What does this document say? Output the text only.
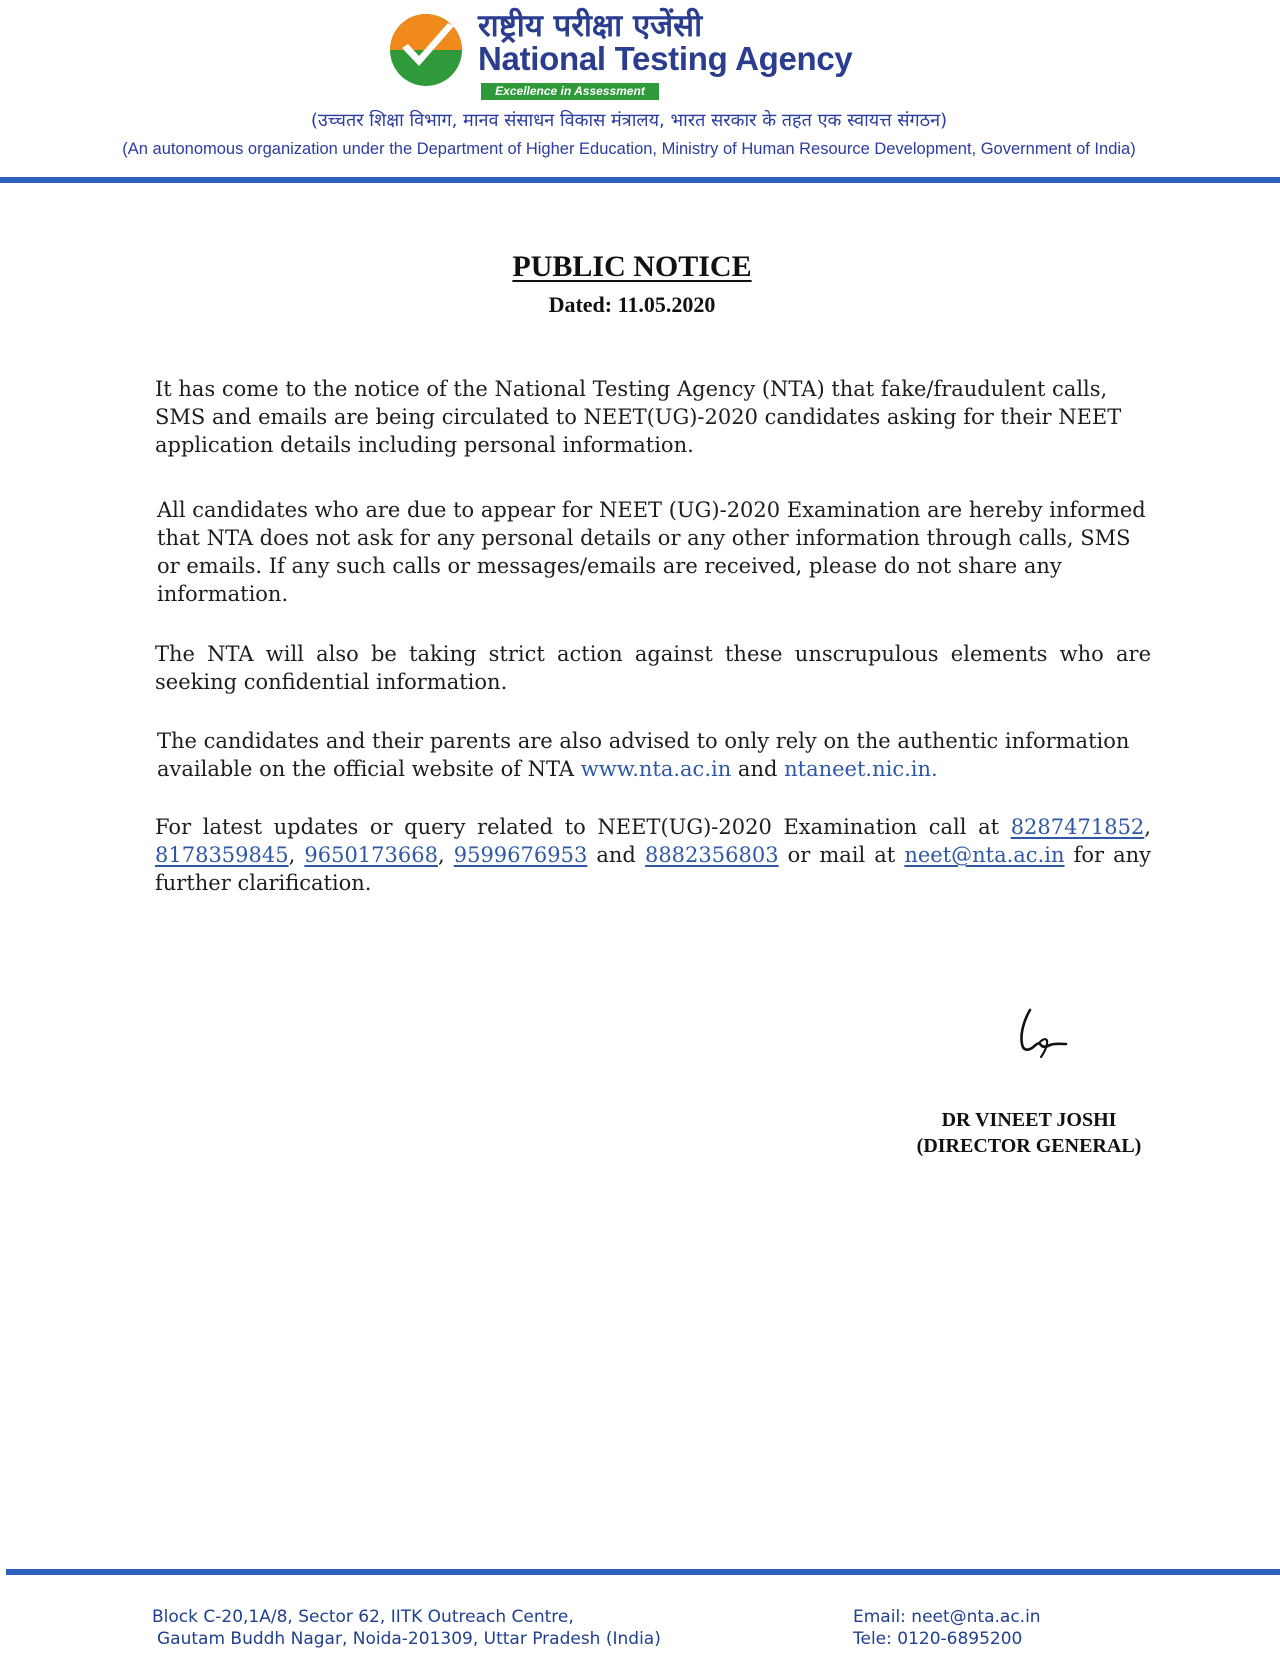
राष्ट्रीय परीक्षा एजेंसी
National Testing Agency
Excellence in Assessment
(उच्चतर शिक्षा विभाग, मानव संसाधन विकास मंत्रालय, भारत सरकार के तहत एक स्वायत्त संगठन)
(An autonomous organization under the Department of Higher Education, Ministry of Human Resource Development, Government of India)
PUBLIC NOTICE
Dated: 11.05.2020

It has come to the notice of the National Testing Agency (NTA) that fake/fraudulent calls, SMS and emails are being circulated to NEET(UG)-2020 candidates asking for their NEET application details including personal information.

All candidates who are due to appear for NEET (UG)-2020 Examination are hereby informed that NTA does not ask for any personal details or any other information through calls, SMS or emails. If any such calls or messages/emails are received, please do not share any information.

The NTA will also be taking strict action against these unscrupulous elements who are seeking confidential information.

The candidates and their parents are also advised to only rely on the authentic information available on the official website of NTA www.nta.ac.in and ntaneet.nic.in.

For latest updates or query related to NEET(UG)-2020 Examination call at 8287471852, 8178359845, 9650173668, 9599676953 and 8882356803 or mail at neet@nta.ac.in for any further clarification.

DR VINEET JOSHI
(DIRECTOR GENERAL)
Block C-20,1A/8, Sector 62, IITK Outreach Centre,
Gautam Buddh Nagar, Noida-201309, Uttar Pradesh (India)
Email: neet@nta.ac.in
Tele: 0120-6895200
